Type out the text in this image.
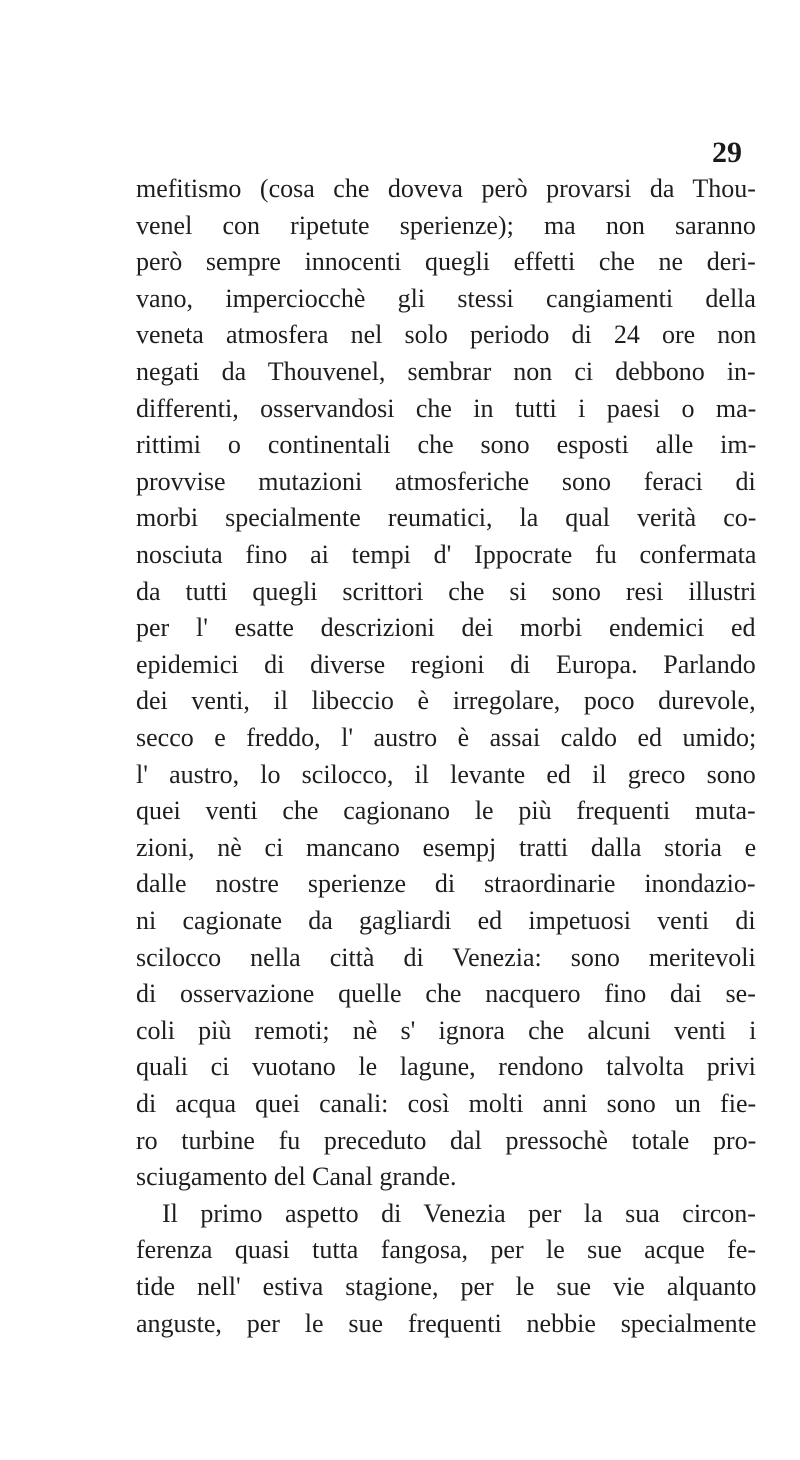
29
mefitismo (cosa che doveva però provarsi da Thou-
venel con ripetute sperienze); ma non saranno
però sempre innocenti quegli effetti che ne deri-
vano, imperciocchè gli stessi cangiamenti della
veneta atmosfera nel solo periodo di 24 ore non
negati da Thouvenel, sembrar non ci debbono in-
differenti, osservandosi che in tutti i paesi o ma-
rittimi o continentali che sono esposti alle im-
provvise mutazioni atmosferiche sono feraci di
morbi specialmente reumatici, la qual verità co-
nosciuta fino ai tempi d' Ippocrate fu confermata
da tutti quegli scrittori che si sono resi illustri
per l' esatte descrizioni dei morbi endemici ed
epidemici di diverse regioni di Europa. Parlando
dei venti, il libeccio è irregolare, poco durevole,
secco e freddo, l' austro è assai caldo ed umido;
l' austro, lo scilocco, il levante ed il greco sono
quei venti che cagionano le più frequenti muta-
zioni, nè ci mancano esempj tratti dalla storia e
dalle nostre sperienze di straordinarie inondazio-
ni cagionate da gagliardi ed impetuosi venti di
scilocco nella città di Venezia: sono meritevoli
di osservazione quelle che nacquero fino dai se-
coli più remoti; nè s' ignora che alcuni venti i
quali ci vuotano le lagune, rendono talvolta privi
di acqua quei canali: così molti anni sono un fie-
ro turbine fu preceduto dal pressochè totale pro-
sciugamento del Canal grande.
Il primo aspetto di Venezia per la sua circon-
ferenza quasi tutta fangosa, per le sue acque fe-
tide nell' estiva stagione, per le sue vie alquanto
anguste, per le sue frequenti nebbie specialmente
